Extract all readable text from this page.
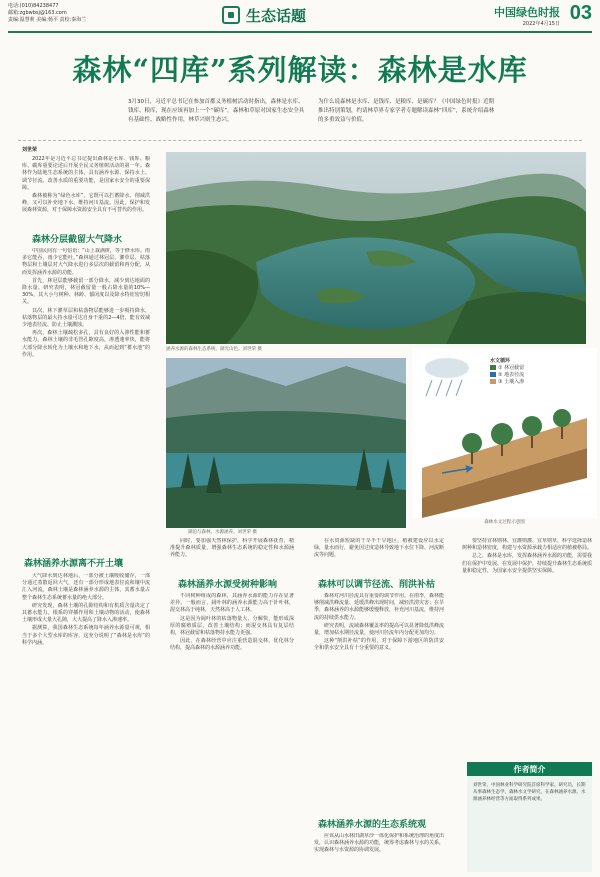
电话:(010)84238477
邮箱:zgbwbsj@163.com
责编:温慧莉 美编:杨平 责校:秦海兰	生态话题	中国绿色时报
2022年4月15日 03
森林“四库”系列解读：森林是水库
3月30日，习近平总书记在参加首都义务植树活动时指出，森林是水库、钱库、粮库，现在应该再加上一个“碳库”。森林和草原对国家生态安全具有基础性、战略性作用，林草兴则生态兴。
为什么说森林是水库、是钱库、是粮库、是碳库？《中国绿色时报》近期推出特别策划，约请林草界专家学者专题解读森林“四库”，系统介绍森林的多重效益与价值。
刘世荣

2022年是习近平总书记提出森林是水库、钱库、粮库、碳库重要论述后开展全民义务植树活动的第一年。森林作为陆地生态系统的主体，具有涵养水源、保持水土、调节径流、改善水质的重要功能，是国家水安全的重要保障。

森林被称为“绿色水库”。它既可以拦蓄降水、削减洪峰，又可以补充地下水、维持河川基流。因此，保护和发展森林资源，对于保障水资源安全具有不可替代的作用。

森林分层截留大气降水

中国民间有一句俗语：“山上栽满树，等于修水库。雨多它能吞，雨少它能吐。”森林通过林冠层、灌草层、枯落物层和土壤层对大气降水进行多层次的截留和再分配，从而发挥涵养水源的功能。

首先，林冠层能够截留一部分降水，减少到达地面的降水量。研究表明，林冠截留量一般占降水量的10%—30%，其大小与树种、林龄、郁闭度以及降水特征密切相关。

其次，林下灌草层和枯落物层能够进一步吸持降水，枯落物层的最大持水量可达自身干重的2—4倍，能有效减少地表径流、防止土壤溅蚀。

再次，森林土壤疏松多孔，具有良好的入渗性能和蓄水能力。森林土壤的非毛管孔隙度高，渗透速率快，能将大部分降水转化为土壤水和地下水，从而起到“蓄水池”的作用。

森林涵养水源离不开土壤

大气降水到达林地后，一部分被土壤吸收储存，一部分通过蒸散返回大气，还有一部分形成地表径流和壤中流汇入河流。森林土壤是森林涵养水源的主体，其蓄水量占整个森林生态系统蓄水量的绝大部分。

研究发现，森林土壤的孔隙结构和有机质含量决定了其蓄水能力。根系的穿插作用和土壤动物的活动，使森林土壤形成大量大孔隙，大大提高了降水入渗速率。

据测算，我国森林生态系统每年涵养水源量可观，相当于多个大型水库的库容，这充分说明了“森林是水库”的科学内涵。

涵养水源的森林生态系统，湖光山色。刘世荣 摄
湖泊与森林，水源涵养。刘世荣 摄
水文循环
① 林冠截留
② 地表径流
③ 土壤入渗
森林水文过程示意图

同时，要加强天然林保护，科学开展森林抚育，精准提升森林质量，增强森林生态系统的稳定性和水源涵养能力。

森林涵养水源受树种影响

不同树种组成的森林，其涵养水源的能力存在显著差异。一般而言，阔叶林的涵养水源能力高于针叶林，混交林高于纯林，天然林高于人工林。

这是因为阔叶林的枯落物量大、分解快，能形成深厚的腐殖质层，改善土壤结构；而混交林具有复层结构，林冠截留和枯落物持水能力更强。

因此，在森林经营中应注重营造混交林，优化林分结构，提高森林的水源涵养功能。

在水资源短缺的干旱半干旱地区，植被建设应以水定绿，量水而行，避免因过度造林导致地下水位下降、河流断流等问题。

森林可以调节径流、削洪补枯

森林对河川径流具有重要的调节作用。在雨季，森林能够削减洪峰流量、延缓洪峰出现时间，减轻洪涝灾害；在旱季，森林涵养的水源能够缓慢释放，补充河川基流，维持河流的持续供水能力。

研究表明，流域森林覆盖率的提高可以显著降低洪峰流量，增加枯水期径流量，使河川径流年内分配更加均匀。

这种“削洪补枯”的作用，对于保障下游地区的防洪安全和供水安全具有十分重要的意义。

森林涵养水源的生态系统观

应该从山水林田湖草沙一体化保护和系统治理的角度出发，认识森林涵养水源的功能，统筹考虑森林与水的关系，实现森林与水资源的协调发展。

要坚持宜林则林、宜灌则灌、宜草则草，科学选择造林树种和造林密度，构建与水资源承载力相适应的植被格局。

总之，森林是水库，发挥森林涵养水源的功能，需要我们在保护中发展、在发展中保护，持续提升森林生态系统质量和稳定性，为国家水安全提供坚实保障。

作者简介
刘世荣，中国林业科学研究院首席科学家、研究员，长期从事森林生态学、森林水文学研究，在森林涵养水源、水源涵养林经营等方面取得系列成果。
